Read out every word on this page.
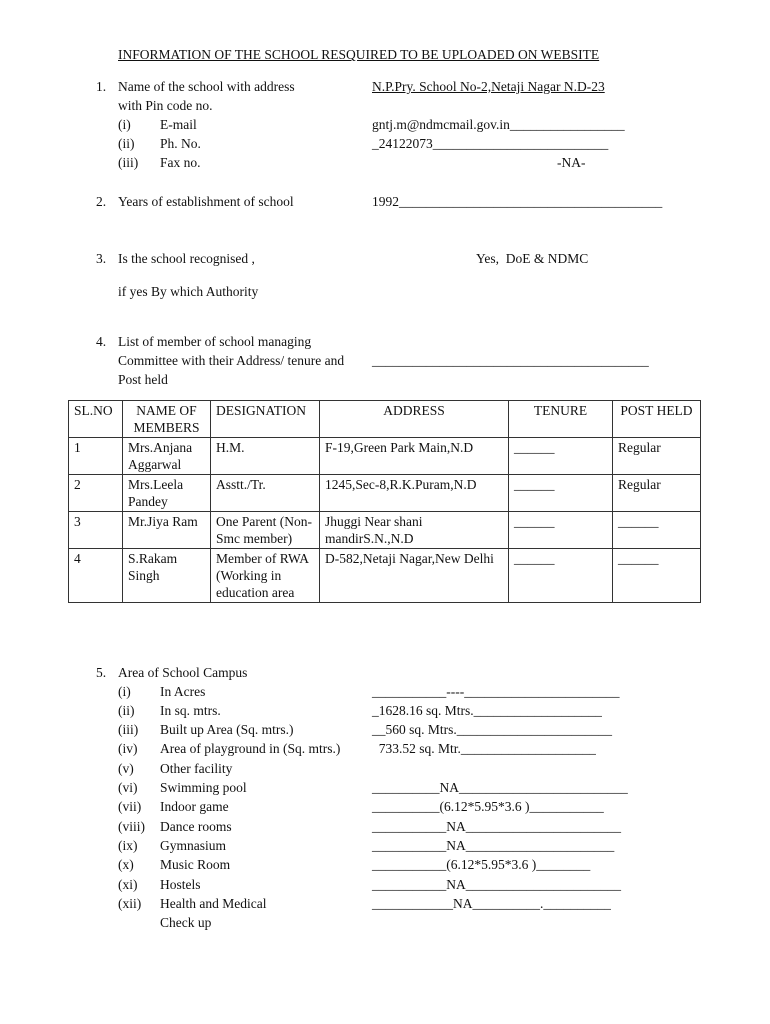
INFORMATION OF THE SCHOOL RESQUIRED TO BE UPLOADED ON WEBSITE
1. Name of the school with address
with Pin code no.
N.P.Pry. School No-2,Netaji Nagar N.D-23
(i) E-mail	gntj.m@ndmcmail.gov.in_________________
(ii) Ph. No.	_24122073__________________________
(iii) Fax no.	-NA-
2. Years of establishment of school	1992_______________________________________
3. Is the school recognised ,	Yes,  DoE & NDMC
if yes By which Authority
4. List of member of school managing
Committee with their Address/ tenure and
Post held
_________________________________________
SL.NO	NAME OF MEMBERS	DESIGNATION	ADDRESS	TENURE	POST HELD
1	Mrs.Anjana Aggarwal	H.M.	F-19,Green Park Main,N.D	______	Regular
2	Mrs.Leela Pandey	Asstt./Tr.	1245,Sec-8,R.K.Puram,N.D	______	Regular
3	Mr.Jiya Ram	One Parent (Non-Smc member)	Jhuggi Near shani mandirS.N.,N.D	______	______
4	S.Rakam Singh	Member of RWA (Working in education area	D-582,Netaji Nagar,New Delhi	______	______
5. Area of School Campus
(i) In Acres	___________----_______________________
(ii) In sq. mtrs.	_1628.16 sq. Mtrs.___________________
(iii) Built up Area (Sq. mtrs.)	__560 sq. Mtrs._______________________
(iv) Area of playground in (Sq. mtrs.) 733.52 sq. Mtr.____________________
(v) Other facility
(vi) Swimming pool	__________NA_________________________
(vii) Indoor game	__________(6.12*5.95*3.6 )___________
(viii) Dance rooms	___________NA_______________________
(ix) Gymnasium	___________NA______________________
(x) Music Room	___________(6.12*5.95*3.6 )________
(xi) Hostels	___________NA_______________________
(xii) Health and Medical	____________NA__________.__________
Check up
